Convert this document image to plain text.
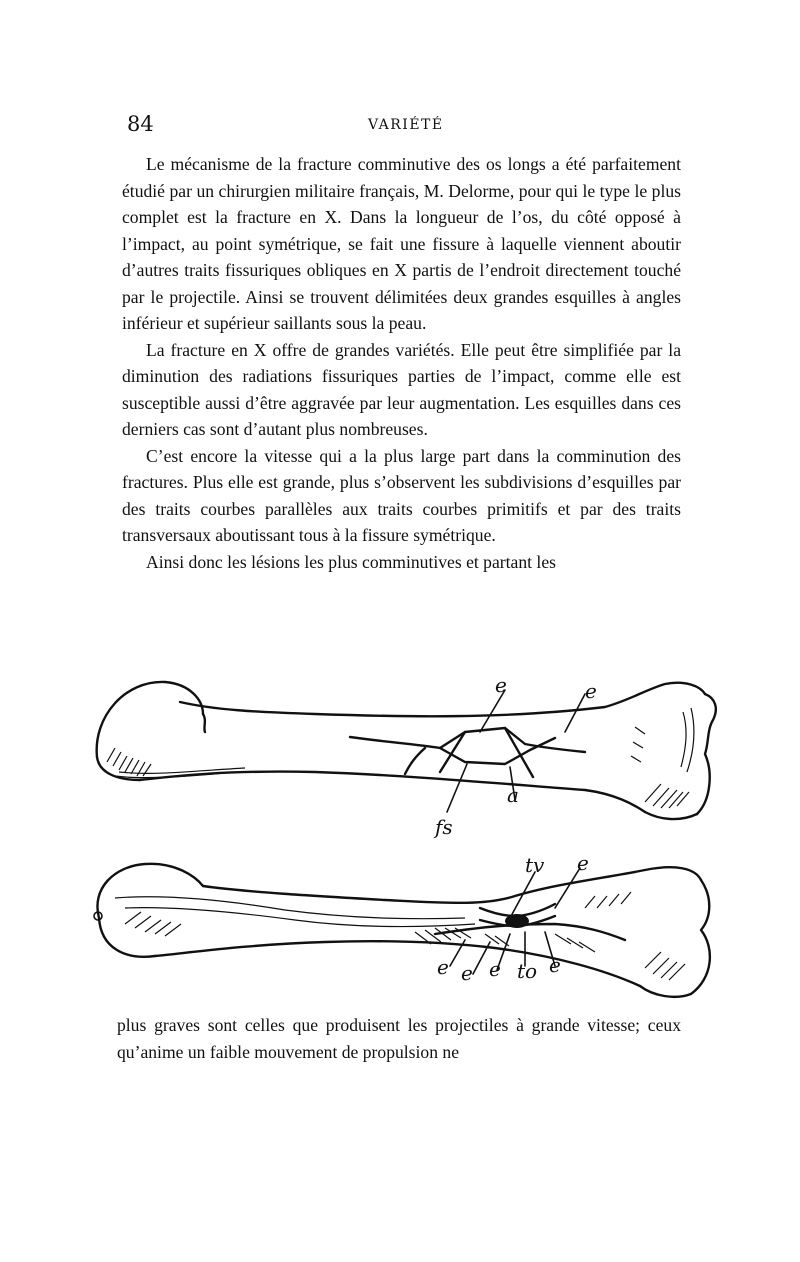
84	VARIÉTÉ

Le mécanisme de la fracture comminutive des os longs a été parfaitement étudié par un chirurgien militaire français, M. Delorme, pour qui le type le plus complet est la fracture en X. Dans la longueur de l’os, du côté opposé à l’impact, au point symétrique, se fait une fissure à laquelle viennent aboutir d’autres traits fissuriques obliques en X partis de l’endroit directement touché par le projectile. Ainsi se trouvent délimitées deux grandes esquilles à angles inférieur et supérieur saillants sous la peau.

La fracture en X offre de grandes variétés. Elle peut être simplifiée par la diminution des radiations fissuriques parties de l’impact, comme elle est susceptible aussi d’être aggravée par leur augmentation. Les esquilles dans ces derniers cas sont d’autant plus nombreuses.

C’est encore la vitesse qui a la plus large part dans la comminution des fractures. Plus elle est grande, plus s’observent les subdivisions d’esquilles par des traits courbes parallèles aux traits courbes primitifs et par des traits transversaux aboutissant tous à la fissure symétrique.

Ainsi donc les lésions les plus comminutives et partant les

e	e
a
fs
tv e
e e e to e

plus graves sont celles que produisent les projectiles à grande vitesse; ceux qu’anime un faible mouvement de propulsion ne
